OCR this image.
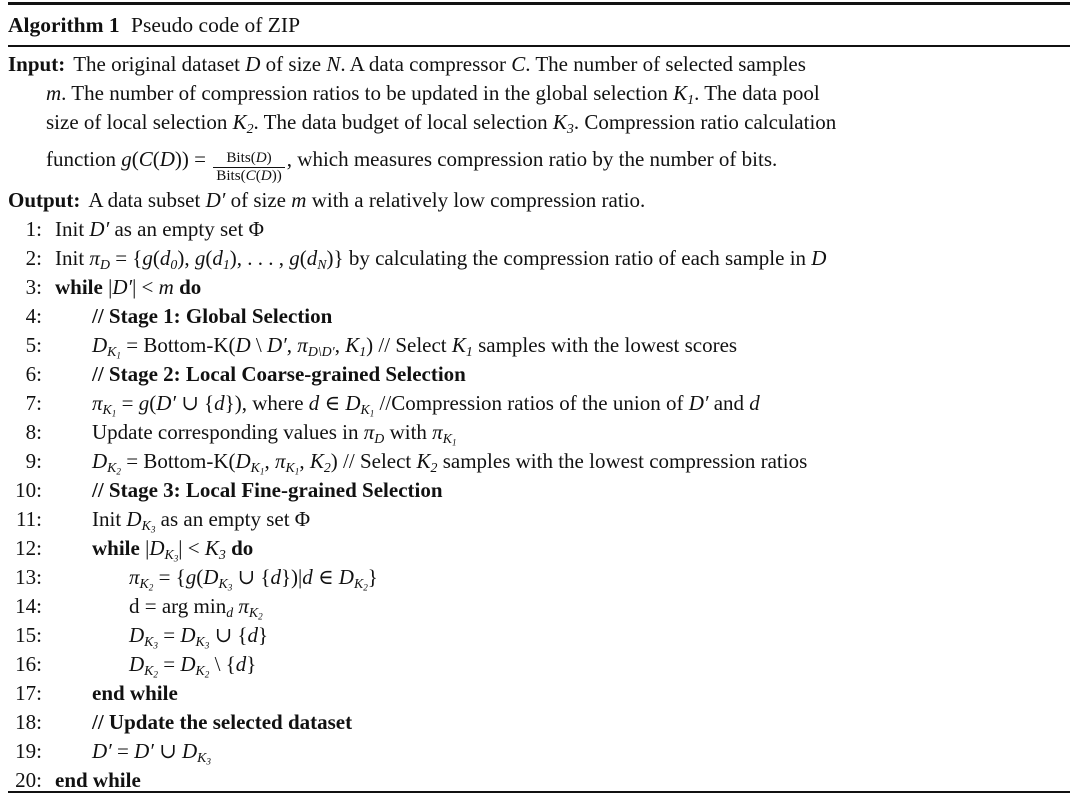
Algorithm 1 Pseudo code of ZIP
Input: The original dataset D of size N. A data compressor C. The number of selected samples
m. The number of compression ratios to be updated in the global selection $K_1$. The data pool
size of local selection $K_2$. The data budget of local selection $K_3$. Compression ratio calculation
function $g(C(D)) = \frac{\text{Bits(D)}}{\text{Bits(C(D))}}$ , which measures compression ratio by the number of bits.
Output: A data subset D′ of size m with a relatively low compression ratio.
1: Init D′ as an empty set Φ
2: Init $\pi_D = \{g(d_0)$, $g(d_1)$, . . . , $g(d_N)$} by calculating the compression ratio of each sample in D
3: while |D′| < m do
4:	// Stage 1: Global Selection
5:	$D_{K_1}$ = Bottom-K(D \ D′, $\pi_{D\backslash D'}$, $K_1$) // Select $K_1$ samples with the lowest scores
6:	// Stage 2: Local Coarse-grained Selection
7:	$\pi_{K_1} = g(D'$ ∪ {d}), where d ∈ $D_{K_1}$ //Compression ratios of the union of D′ and d
8:	Update corresponding values in $\pi_D$ with $\pi_{K_1}$
9:	$D_{K_2}$ = Bottom-$K(D_{K_1}$, $\pi_{K_1}$, $K_2$) // Select $K_2$ samples with the lowest compression ratios
10:	// Stage 3: Local Fine-grained Selection
11:	Init $D_{K_3}$ as an empty set Φ
12:	while $|D_{K_3}| < K_3$ do
13:	$\pi_{K_2} = \{g(D_{K_3}$ ∪ {d})|d ∈ $D_{K_2}$}
14:	d = arg $\min_d \pi_{K_2}$
15:	$D_{K_3} = D_{K_3}$ ∪ {d}
16:	$D_{K_2} = D_{K_2}$ \ {d}
17:	end while
18:	// Update the selected dataset
19:	D′ = D′ ∪ $D_{K_3}$
20: end while
